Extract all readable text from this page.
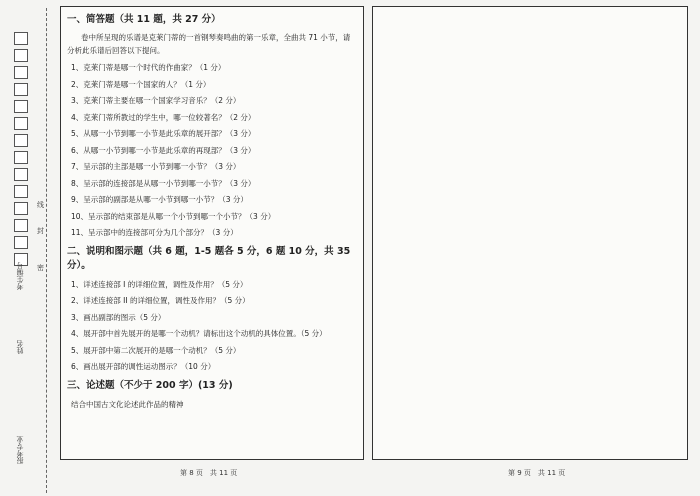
考生编号 密
封
线
姓名
报考专业
一、简答题（共 11 题，共 27 分）
卷中所呈现的乐谱是克莱门蒂的一首钢琴奏鸣曲的第一乐章，全曲共 71 小节，请分析此乐谱后回答以下提问。
1、克莱门蒂是哪一个时代的作曲家？（1 分）
2、克莱门蒂是哪一个国家的人？（1 分）
3、克莱门蒂主要在哪一个国家学习音乐？（2 分）
4、克莱门蒂所教过的学生中，哪一位较著名？（2 分）
5、从哪一小节到哪一小节是此乐章的展开部？（3 分）
6、从哪一小节到哪一小节是此乐章的再现部？（3 分）
7、呈示部的主部是哪一小节到哪一小节？（3 分）
8、呈示部的连接部是从哪一小节到哪一小节？（3 分）
9、呈示部的副部是从哪一小节到哪一小节？（3 分）
10、呈示部的结束部是从哪一个小节到哪一个小节？（3 分）
11、呈示部中的连接部可分为几个部分？（3 分）
二、说明和图示题（共 6 题，1-5 题各 5 分，6 题 10 分，共 35 分）。
1、详述连接部 I 的详细位置，调性及作用？（5 分）
2、详述连接部 II 的详细位置，调性及作用？（5 分）
3、画出副部的图示（5 分）
4、展开部中首先展开的是哪一个动机？请标出这个动机的具体位置。（5 分）
5、展开部中第二次展开的是哪一个动机？（5 分）
6、画出展开部的调性运动图示？（10 分）
三、论述题（不少于 200 字）(13 分)
结合中国古文化论述此作品的精神
第 8 页　共 11 页	第 9 页　共 11 页
